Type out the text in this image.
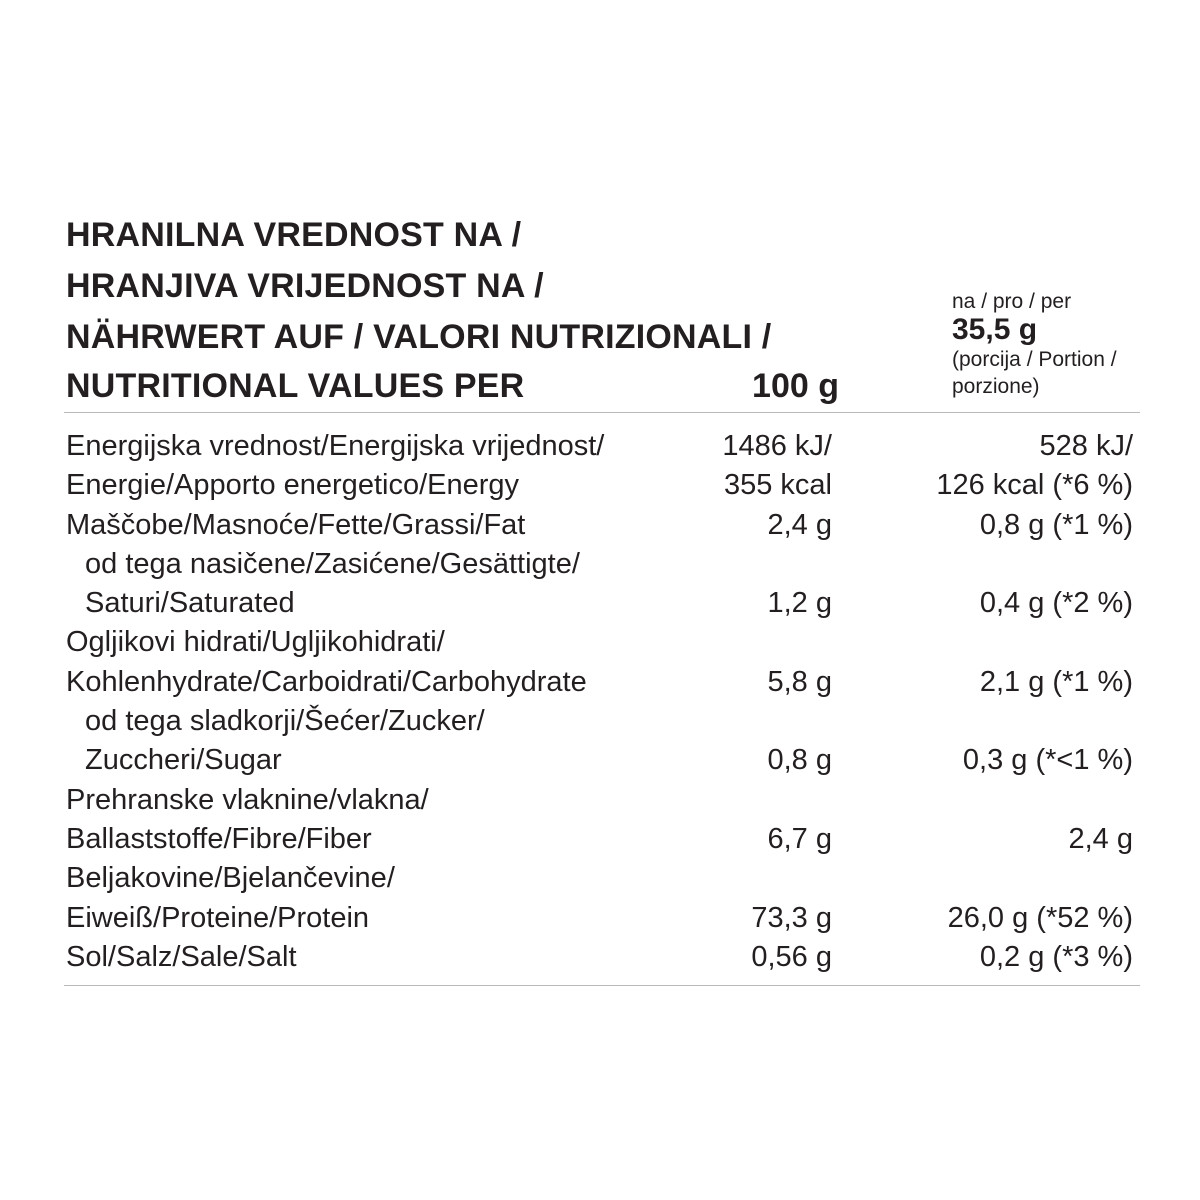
HRANILNA VREDNOST NA /
HRANJIVA VRIJEDNOST NA /
NÄHRWERT AUF / VALORI NUTRIZIONALI /
NUTRITIONAL VALUES PER	100 g
na / pro / per
35,5 g
(porcija / Portion / porzione)
Energijska vrednost/Energijska vrijednost/	1486 kJ/	528 kJ/
Energie/Apporto energetico/Energy	355 kcal	126 kcal (*6 %)
Maščobe/Masnoće/Fette/Grassi/Fat	2,4 g	0,8 g (*1 %)
od tega nasičene/Zasićene/Gesättigte/
Saturi/Saturated	1,2 g	0,4 g (*2 %)
Ogljikovi hidrati/Ugljikohidrati/
Kohlenhydrate/Carboidrati/Carbohydrate	5,8 g	2,1 g (*1 %)
od tega sladkorji/Šećer/Zucker/
Zuccheri/Sugar	0,8 g	0,3 g (*<1 %)
Prehranske vlaknine/vlakna/
Ballaststoffe/Fibre/Fiber	6,7 g	2,4 g
Beljakovine/Bjelančevine/
Eiweiß/Proteine/Protein	73,3 g	26,0 g (*52 %)
Sol/Salz/Sale/Salt	0,56 g	0,2 g (*3 %)
